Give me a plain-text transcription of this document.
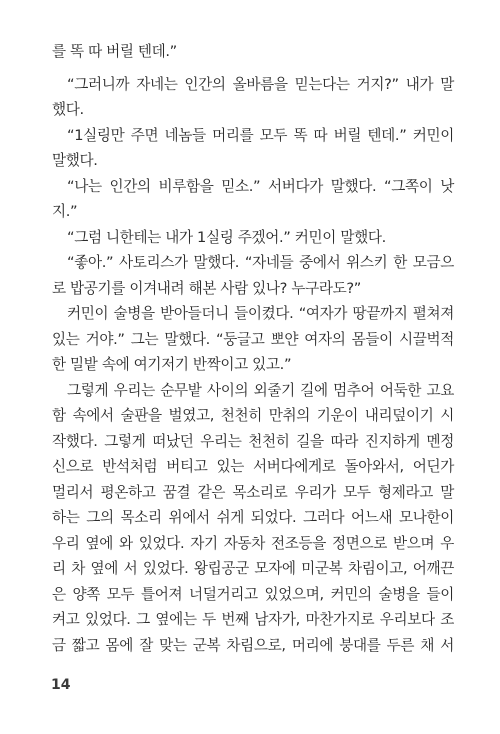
를 똑 따 버릴 텐데.”
“그러니까 자네는 인간의 올바름을 믿는다는 거지?” 내가 말
했다.
“1실링만 주면 네놈들 머리를 모두 똑 따 버릴 텐데.” 커민이
말했다.
“나는 인간의 비루함을 믿소.” 서버다가 말했다. “그쪽이 낫
지.”
“그럼 니한테는 내가 1실링 주겠어.” 커민이 말했다.
“좋아.” 사토리스가 말했다. “자네들 중에서 위스키 한 모금으
로 밥공기를 이겨내려 해본 사람 있나? 누구라도?”
커민이 술병을 받아들더니 들이켰다. “여자가 땅끝까지 펼쳐져
있는 거야.” 그는 말했다. “둥글고 뽀얀 여자의 몸들이 시끌벅적
한 밀밭 속에 여기저기 반짝이고 있고.”
그렇게 우리는 순무밭 사이의 외줄기 길에 멈추어 어둑한 고요
함 속에서 술판을 벌였고, 천천히 만취의 기운이 내리덮이기 시
작했다. 그렇게 떠났던 우리는 천천히 길을 따라 진지하게 멘정
신으로 반석처럼 버티고 있는 서버다에게로 돌아와서, 어딘가
멀리서 평온하고 꿈결 같은 목소리로 우리가 모두 형제라고 말
하는 그의 목소리 위에서 쉬게 되었다. 그러다 어느새 모나한이
우리 옆에 와 있었다. 자기 자동차 전조등을 정면으로 받으며 우
리 차 옆에 서 있었다. 왕립공군 모자에 미군복 차림이고, 어깨끈
은 양쪽 모두 틀어져 너덜거리고 있었으며, 커민의 술병을 들이
켜고 있었다. 그 옆에는 두 번째 남자가, 마찬가지로 우리보다 조
금 짧고 몸에 잘 맞는 군복 차림으로, 머리에 붕대를 두른 채 서
14
